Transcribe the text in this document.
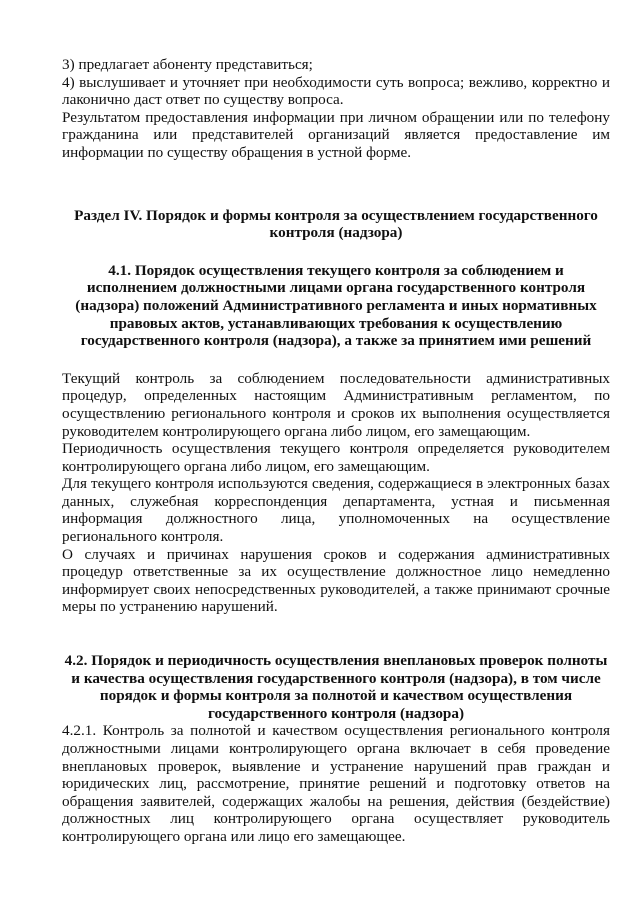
3) предлагает абоненту представиться;

4) выслушивает и уточняет при необходимости суть вопроса; вежливо, корректно и лаконично даст ответ по существу вопроса.

Результатом предоставления информации при личном обращении или по телефону гражданина или представителей организаций является предоставление им информации по существу обращения в устной форме.

Раздел IV. Порядок и формы контроля за осуществлением государственного контроля (надзора)
4.1. Порядок осуществления текущего контроля за соблюдением и исполнением должностными лицами органа государственного контроля (надзора) положений Административного регламента и иных нормативных правовых актов, устанавливающих требования к осуществлению государственного контроля (надзора), а также за принятием ими решений

Текущий контроль за соблюдением последовательности административных процедур, определенных настоящим Административным регламентом, по осуществлению регионального контроля и сроков их выполнения осуществляется руководителем контролирующего органа либо лицом, его замещающим.

Периодичность осуществления текущего контроля определяется руководителем контролирующего органа либо лицом, его замещающим.

Для текущего контроля используются сведения, содержащиеся в электронных базах данных, служебная корреспонденция департамента, устная и письменная информация должностного лица, уполномоченных на осуществление регионального контроля.

О случаях и причинах нарушения сроков и содержания административных процедур ответственные за их осуществление должностное лицо немедленно информирует своих непосредственных руководителей, а также принимают срочные меры по устранению нарушений.

4.2. Порядок и периодичность осуществления внеплановых проверок полноты и качества осуществления государственного контроля (надзора), в том числе порядок и формы контроля за полнотой и качеством осуществления государственного контроля (надзора)

4.2.1. Контроль за полнотой и качеством осуществления регионального контроля должностными лицами контролирующего органа включает в себя проведение внеплановых проверок, выявление и устранение нарушений прав граждан и юридических лиц, рассмотрение, принятие решений и подготовку ответов на обращения заявителей, содержащих жалобы на решения, действия (бездействие) должностных лиц контролирующего органа осуществляет руководитель контролирующего органа или лицо его замещающее.
